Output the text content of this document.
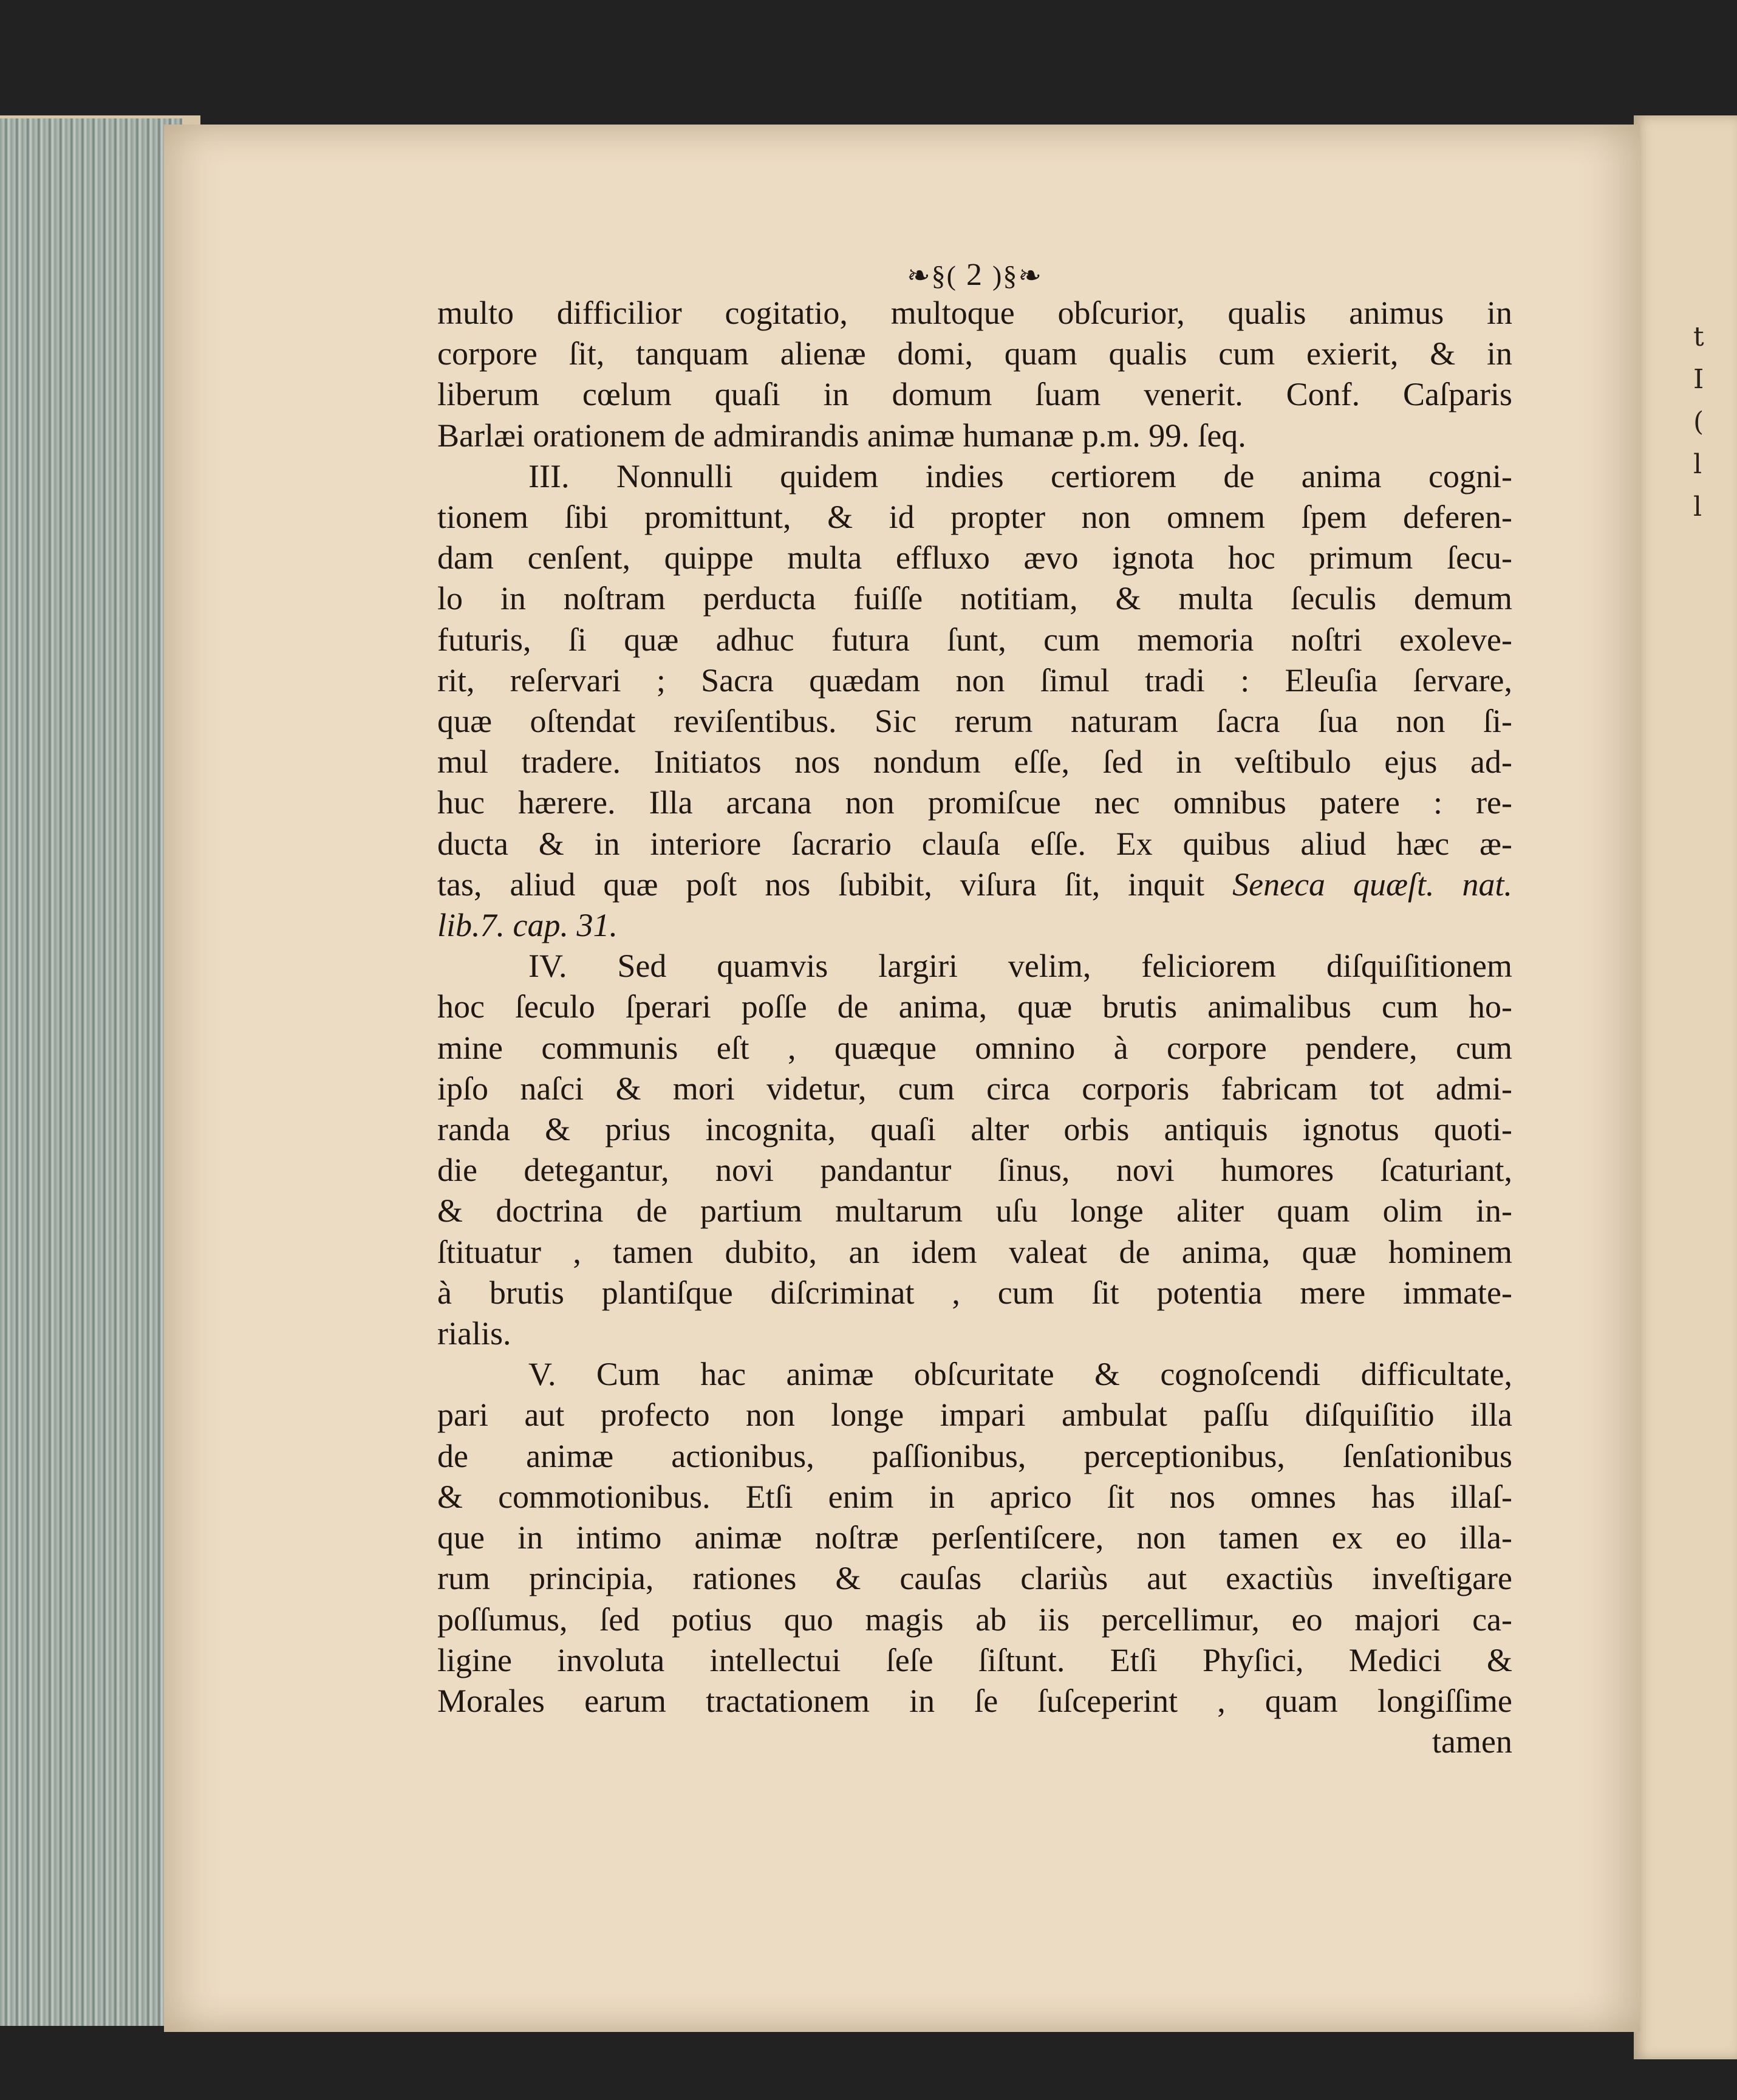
t
I
(
l
l
❧§( 2 )§❧
multo difficilior cogitatio, multoque obſcurior, qualis animus in
corpore ſit, tanquam alienæ domi, quam qualis cum exierit, & in
liberum cœlum quaſi in domum ſuam venerit. Conf. Caſparis
Barlæi orationem de admirandis animæ humanæ p.m. 99. ſeq.
III. Nonnulli quidem indies certiorem de anima cogni-
tionem ſibi promittunt, & id propter non omnem ſpem deferen-
dam cenſent, quippe multa effluxo ævo ignota hoc primum ſecu-
lo in noſtram perducta fuiſſe notitiam, & multa ſeculis demum
futuris, ſi quæ adhuc futura ſunt, cum memoria noſtri exoleve-
rit, reſervari ; Sacra quædam non ſimul tradi : Eleuſia ſervare,
quæ oſtendat reviſentibus. Sic rerum naturam ſacra ſua non ſi-
mul tradere. Initiatos nos nondum eſſe, ſed in veſtibulo ejus ad-
huc hærere. Illa arcana non promiſcue nec omnibus patere : re-
ducta & in interiore ſacrario clauſa eſſe. Ex quibus aliud hæc æ-
tas, aliud quæ poſt nos ſubibit, viſura ſit, inquit Seneca quæſt. nat.
lib.7. cap. 31.
IV. Sed quamvis largiri velim, feliciorem diſquiſitionem
hoc ſeculo ſperari poſſe de anima, quæ brutis animalibus cum ho-
mine communis eſt , quæque omnino à corpore pendere, cum
ipſo naſci & mori videtur, cum circa corporis fabricam tot admi-
randa & prius incognita, quaſi alter orbis antiquis ignotus quoti-
die detegantur, novi pandantur ſinus, novi humores ſcaturiant,
& doctrina de partium multarum uſu longe aliter quam olim in-
ſtituatur , tamen dubito, an idem valeat de anima, quæ hominem
à brutis plantiſque diſcriminat , cum ſit potentia mere immate-
rialis.
V. Cum hac animæ obſcuritate & cognoſcendi difficultate,
pari aut profecto non longe impari ambulat paſſu diſquiſitio illa
de animæ actionibus, paſſionibus, perceptionibus, ſenſationibus
& commotionibus. Etſi enim in aprico ſit nos omnes has illaſ-
que in intimo animæ noſtræ perſentiſcere, non tamen ex eo illa-
rum principia, rationes & cauſas clariùs aut exactiùs inveſtigare
poſſumus, ſed potius quo magis ab iis percellimur, eo majori ca-
ligine involuta intellectui ſeſe ſiſtunt. Etſi Phyſici, Medici &
Morales earum tractationem in ſe ſuſceperint , quam longiſſime
tamen
